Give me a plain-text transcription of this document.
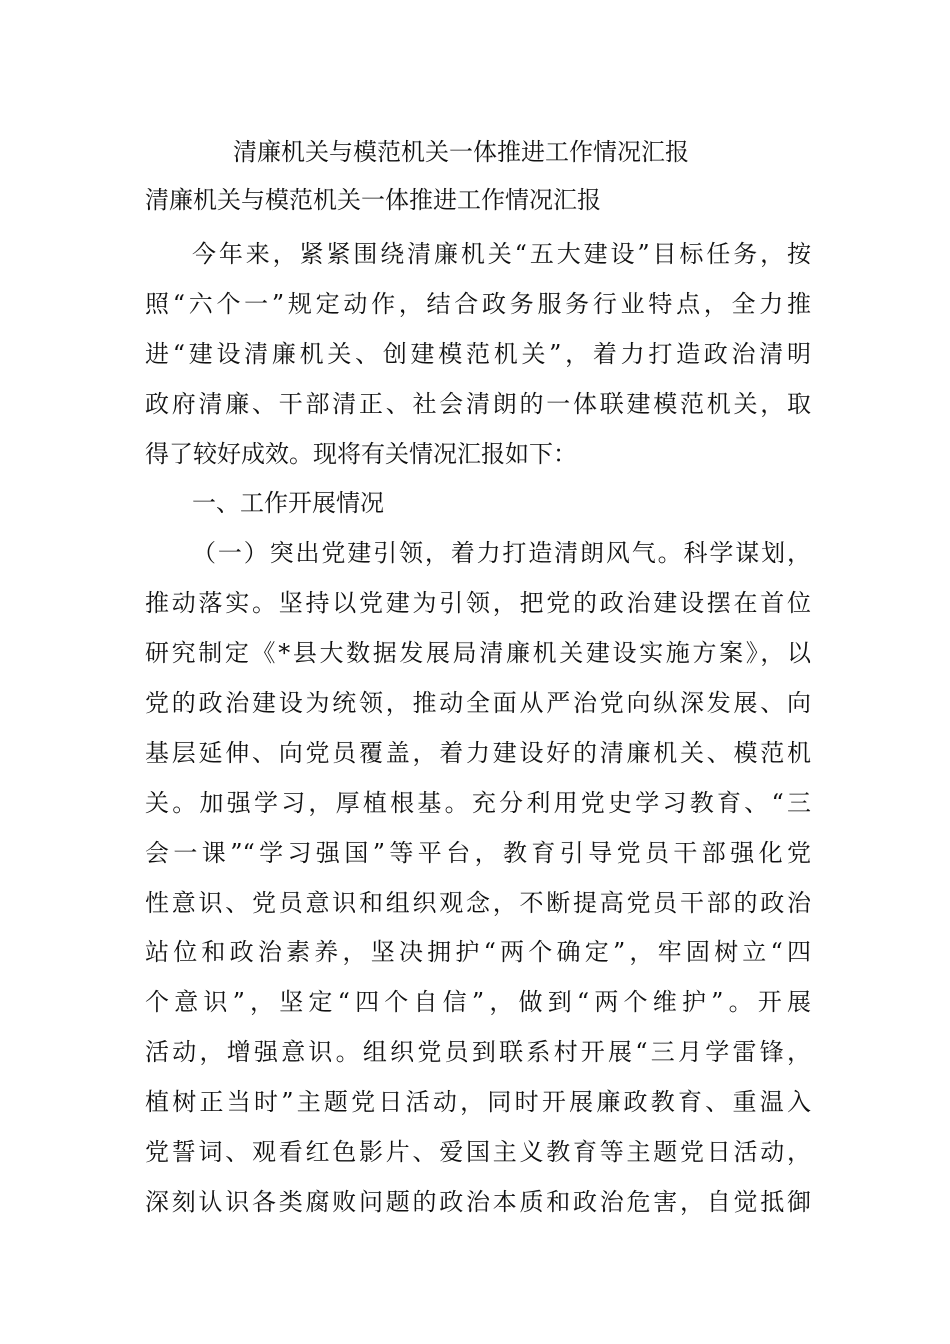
清廉机关与模范机关一体推进工作情况汇报
清廉机关与模范机关一体推进工作情况汇报
今年来，紧紧围绕清廉机关“五大建设”目标任务，按
照“六个一”规定动作，结合政务服务行业特点，全力推
进“建设清廉机关、创建模范机关”，着力打造政治清明
政府清廉、干部清正、社会清朗的一体联建模范机关，取
得了较好成效。现将有关情况汇报如下：
一、工作开展情况
（一）突出党建引领，着力打造清朗风气。科学谋划，
推动落实。坚持以党建为引领，把党的政治建设摆在首位
研究制定《*县大数据发展局清廉机关建设实施方案》，以
党的政治建设为统领，推动全面从严治党向纵深发展、向
基层延伸、向党员覆盖，着力建设好的清廉机关、模范机
关。加强学习，厚植根基。充分利用党史学习教育、“三
会一课”“学习强国”等平台，教育引导党员干部强化党
性意识、党员意识和组织观念，不断提高党员干部的政治
站位和政治素养，坚决拥护“两个确定”，牢固树立“四
个意识”，坚定“四个自信”，做到“两个维护”。开展
活动，增强意识。组织党员到联系村开展“三月学雷锋，
植树正当时”主题党日活动，同时开展廉政教育、重温入
党誓词、观看红色影片、爱国主义教育等主题党日活动，
深刻认识各类腐败问题的政治本质和政治危害，自觉抵御
